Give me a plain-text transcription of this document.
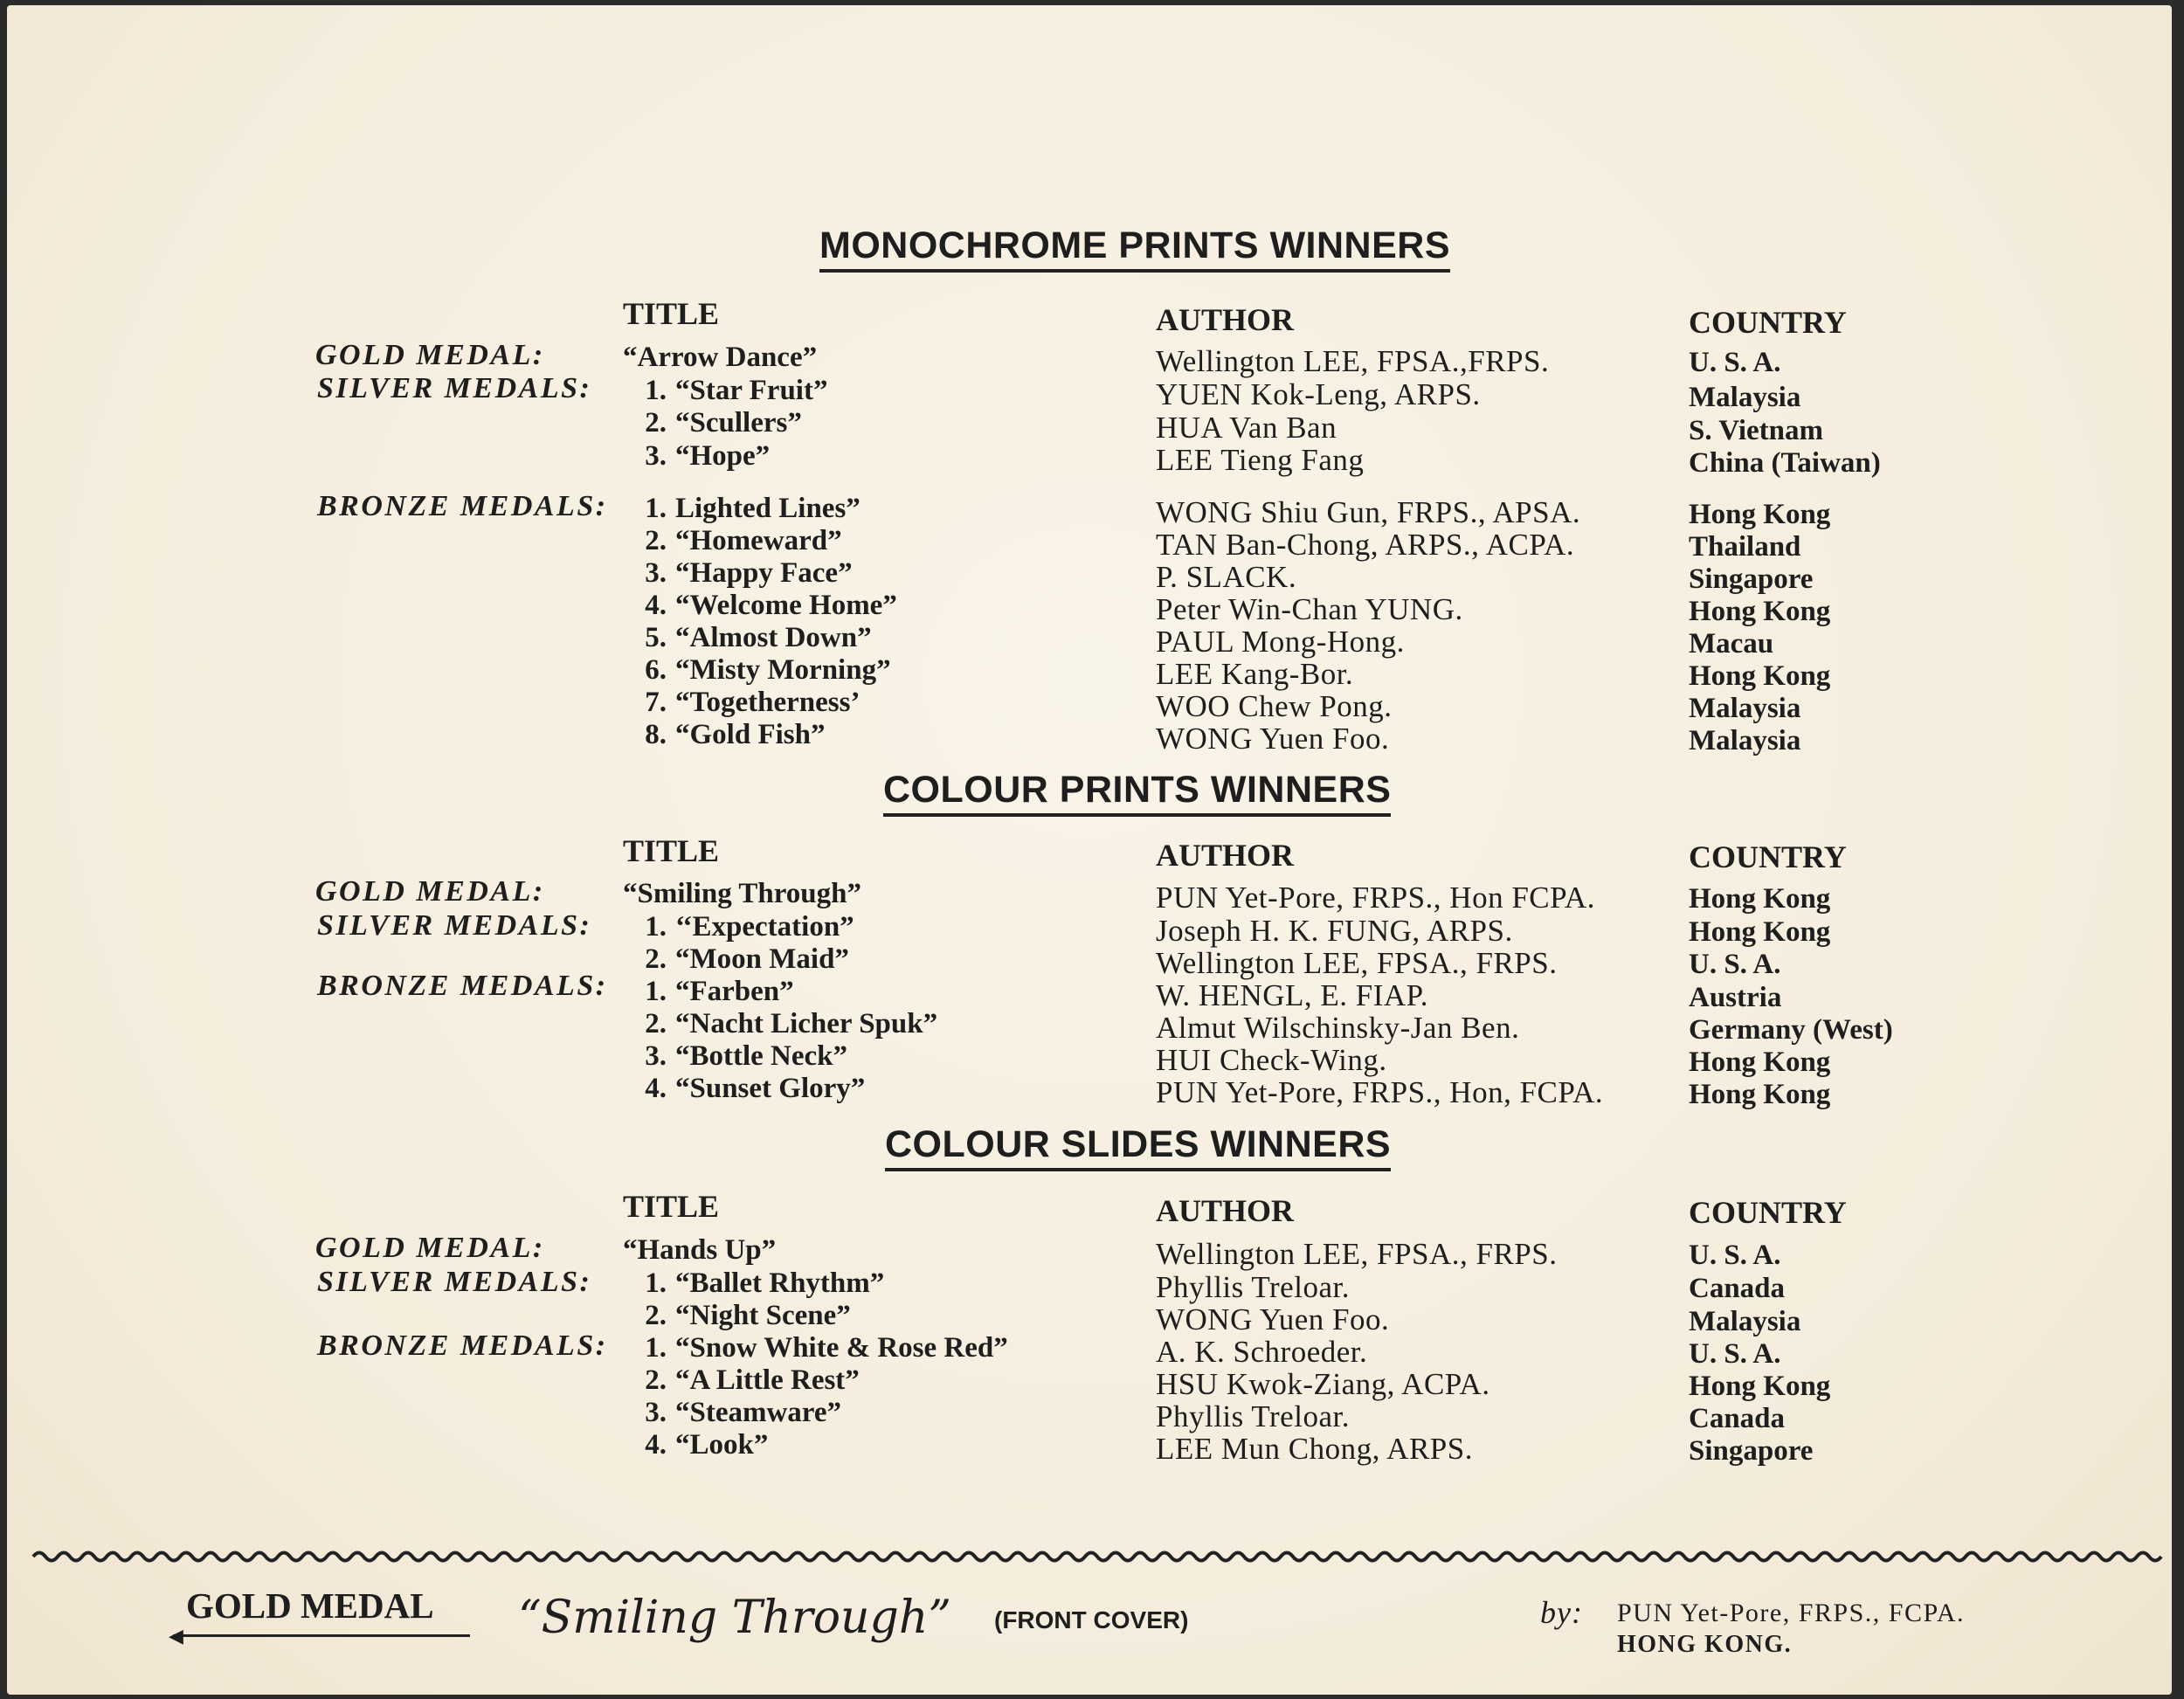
MONOCHROME PRINTS WINNERS
TITLE	AUTHOR	COUNTRY
GOLD MEDAL:	“Arrow Dance”	Wellington LEE, FPSA.,FRPS.	U. S. A.
SILVER MEDALS:	1. “Star Fruit”	YUEN Kok-Leng, ARPS.	Malaysia
2. “Scullers”	HUA Van Ban	S. Vietnam
3. “Hope”	LEE Tieng Fang	China (Taiwan)
BRONZE MEDALS:	1. Lighted Lines”	WONG Shiu Gun, FRPS., APSA.	Hong Kong
2. “Homeward”	TAN Ban-Chong, ARPS., ACPA.	Thailand
3. “Happy Face”	P. SLACK.	Singapore
4. “Welcome Home”	Peter Win-Chan YUNG.	Hong Kong
5. “Almost Down”	PAUL Mong-Hong.	Macau
6. “Misty Morning”	LEE Kang-Bor.	Hong Kong
7. “Togetherness’	WOO Chew Pong.	Malaysia
8. “Gold Fish”	WONG Yuen Foo.	Malaysia
COLOUR PRINTS WINNERS
TITLE	AUTHOR	COUNTRY
GOLD MEDAL:	“Smiling Through”	PUN Yet-Pore, FRPS., Hon FCPA.	Hong Kong
SILVER MEDALS:	1. ‘‘Expectation”	Joseph H. K. FUNG, ARPS.	Hong Kong
2. “Moon Maid”	Wellington LEE, FPSA., FRPS.	U. S. A.
BRONZE MEDALS:	1. “Farben”	W. HENGL, E. FIAP.	Austria
2. “Nacht Licher Spuk”	Almut Wilschinsky-Jan Ben.	Germany (West)
3. “Bottle Neck”	HUI Check-Wing.	Hong Kong
4. “Sunset Glory”	PUN Yet-Pore, FRPS., Hon, FCPA.	Hong Kong
COLOUR SLIDES WINNERS
TITLE	AUTHOR	COUNTRY
GOLD MEDAL:	“Hands Up”	Wellington LEE, FPSA., FRPS.	U. S. A.
SILVER MEDALS:	1. “Ballet Rhythm”	Phyllis Treloar.	Canada
2. “Night Scene”	WONG Yuen Foo.	Malaysia
BRONZE MEDALS:	1. “Snow White & Rose Red”	A. K. Schroeder.	U. S. A.
2. “A Little Rest”	HSU Kwok-Ziang, ACPA.	Hong Kong
3. “Steamware”	Phyllis Treloar.	Canada
4. “Look”	LEE Mun Chong, ARPS.	Singapore
GOLD MEDAL
◀	“Smiling Through” (FRONT COVER)	by: PUN Yet-Pore, FRPS., FCPA.
HONG KONG.
